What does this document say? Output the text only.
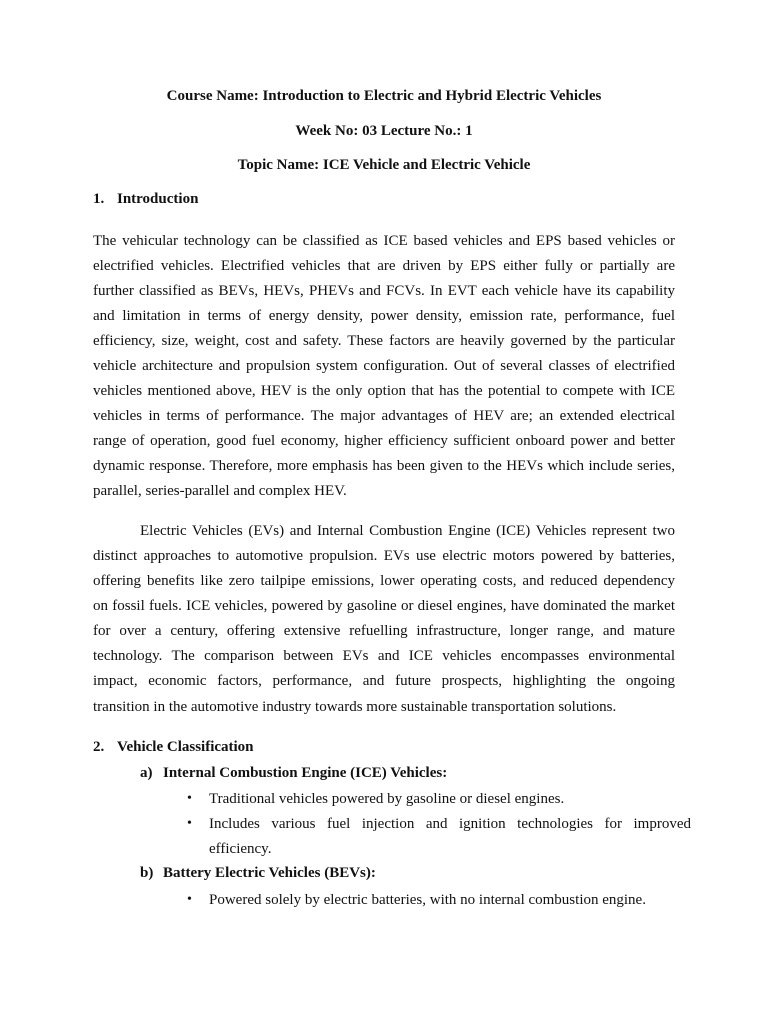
Course Name: Introduction to Electric and Hybrid Electric Vehicles

Week No: 03 Lecture No.: 1

Topic Name: ICE Vehicle and Electric Vehicle

1. Introduction

The vehicular technology can be classified as ICE based vehicles and EPS based vehicles or

electrified vehicles. Electrified vehicles that are driven by EPS either fully or partially are

further classified as BEVs, HEVs, PHEVs and FCVs. In EVT each vehicle have its capability

and limitation in terms of energy density, power density, emission rate, performance, fuel

efficiency, size, weight, cost and safety. These factors are heavily governed by the particular

vehicle architecture and propulsion system configuration. Out of several classes of electrified

vehicles mentioned above, HEV is the only option that has the potential to compete with ICE

vehicles in terms of performance. The major advantages of HEV are; an extended electrical

range of operation, good fuel economy, higher efficiency sufficient onboard power and better

dynamic response. Therefore, more emphasis has been given to the HEVs which include series,

parallel, series-parallel and complex HEV.

Electric Vehicles (EVs) and Internal Combustion Engine (ICE) Vehicles represent two

distinct approaches to automotive propulsion. EVs use electric motors powered by batteries,

offering benefits like zero tailpipe emissions, lower operating costs, and reduced dependency

on fossil fuels. ICE vehicles, powered by gasoline or diesel engines, have dominated the market

for over a century, offering extensive refuelling infrastructure, longer range, and mature

technology. The comparison between EVs and ICE vehicles encompasses environmental

impact, economic factors, performance, and future prospects, highlighting the ongoing

transition in the automotive industry towards more sustainable transportation solutions.

2. Vehicle Classification

a) Internal Combustion Engine (ICE) Vehicles:

• Traditional vehicles powered by gasoline or diesel engines.
• Includes various fuel injection and ignition technologies for improved
efficiency.

b) Battery Electric Vehicles (BEVs):

• Powered solely by electric batteries, with no internal combustion engine.
